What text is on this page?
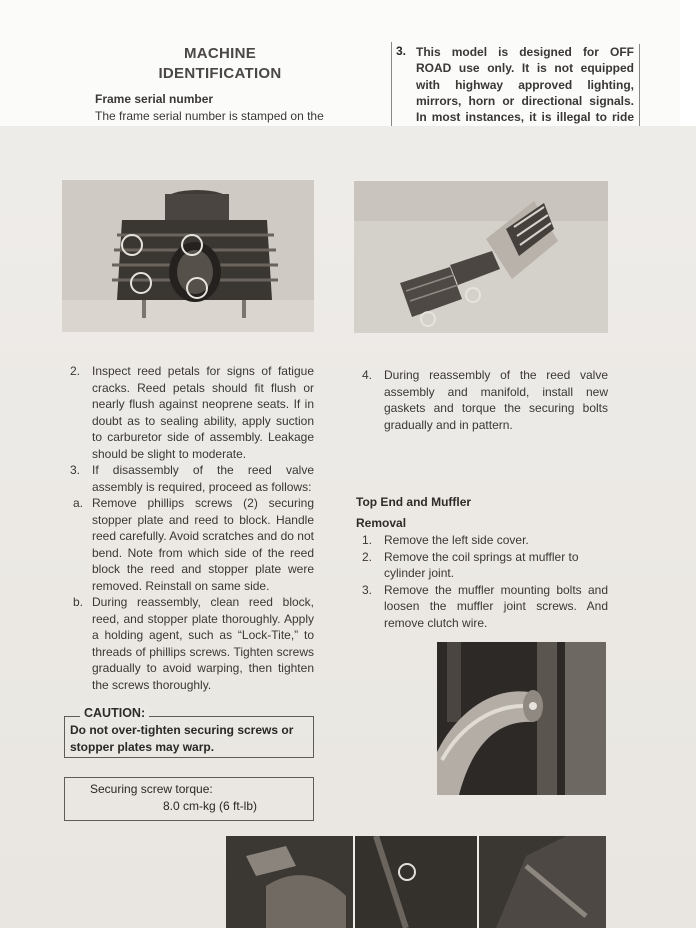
MACHINE
IDENTIFICATION
Frame serial number
The frame serial number is stamped on the
3. This model is designed for OFF
ROAD use only. It is not equipped
with highway approved lighting,
mirrors, horn or directional signals.
In most instances, it is illegal to ride
2. Inspect reed petals for signs of fatigue cracks. Reed petals should fit flush or nearly flush against neoprene seats. If in doubt as to sealing ability, apply suction to carburetor side of assembly. Leakage should be slight to moderate.
3. If disassembly of the reed valve assembly is required, proceed as follows:
a. Remove phillips screws (2) securing stopper plate and reed to block. Handle reed carefully. Avoid scratches and do not bend. Note from which side of the reed block the reed and stopper plate were removed. Reinstall on same side.
b. During reassembly, clean reed block, reed, and stopper plate thoroughly. Apply a holding agent, such as “Lock-Tite,” to threads of phillips screws. Tighten screws gradually to avoid warping, then tighten the screws thoroughly.
CAUTION:
Do not over-tighten securing screws or stopper plates may warp.
Securing screw torque:
8.0 cm-kg (6 ft-lb)
4. During reassembly of the reed valve assembly and manifold, install new gaskets and torque the securing bolts gradually and in pattern.
Top End and Muffler
Removal
1. Remove the left side cover.
2. Remove the coil springs at muffler to cylinder joint.
3. Remove the muffler mounting bolts and loosen the muffler joint screws. And remove clutch wire.
